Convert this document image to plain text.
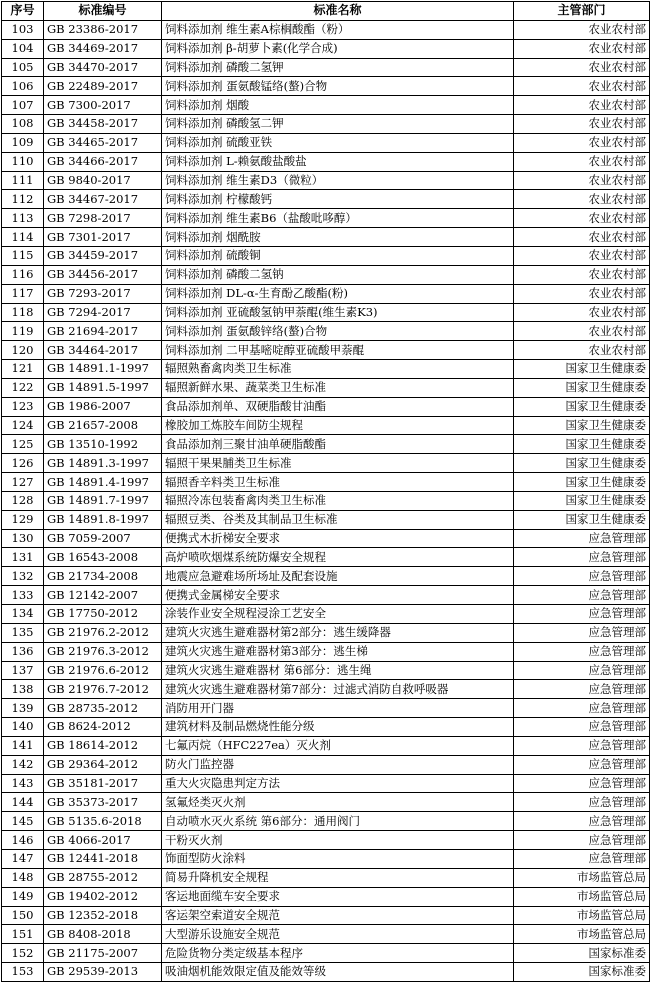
序号	标准编号	标准名称	主管部门
103	GB 23386-2017	饲料添加剂 维生素A棕榈酸酯（粉）	农业农村部
104	GB 34469-2017	饲料添加剂 β-胡萝卜素(化学合成)	农业农村部
105	GB 34470-2017	饲料添加剂 磷酸二氢钾	农业农村部
106	GB 22489-2017	饲料添加剂 蛋氨酸锰络(螯)合物	农业农村部
107	GB 7300-2017	饲料添加剂 烟酸	农业农村部
108	GB 34458-2017	饲料添加剂 磷酸氢二钾	农业农村部
109	GB 34465-2017	饲料添加剂 硫酸亚铁	农业农村部
110	GB 34466-2017	饲料添加剂 L-赖氨酸盐酸盐	农业农村部
111	GB 9840-2017	饲料添加剂 维生素D3（微粒）	农业农村部
112	GB 34467-2017	饲料添加剂 柠檬酸钙	农业农村部
113	GB 7298-2017	饲料添加剂 维生素B6（盐酸吡哆醇）	农业农村部
114	GB 7301-2017	饲料添加剂 烟酰胺	农业农村部
115	GB 34459-2017	饲料添加剂 硫酸铜	农业农村部
116	GB 34456-2017	饲料添加剂 磷酸二氢钠	农业农村部
117	GB 7293-2017	饲料添加剂 DL-α-生育酚乙酸酯(粉)	农业农村部
118	GB 7294-2017	饲料添加剂 亚硫酸氢钠甲萘醌(维生素K3)	农业农村部
119	GB 21694-2017	饲料添加剂 蛋氨酸锌络(螯)合物	农业农村部
120	GB 34464-2017	饲料添加剂 二甲基嘧啶醇亚硫酸甲萘醌	农业农村部
121	GB 14891.1-1997	辐照熟畜禽肉类卫生标准	国家卫生健康委
122	GB 14891.5-1997	辐照新鲜水果、蔬菜类卫生标准	国家卫生健康委
123	GB 1986-2007	食品添加剂单、双硬脂酸甘油酯	国家卫生健康委
124	GB 21657-2008	橡胶加工炼胶车间防尘规程	国家卫生健康委
125	GB 13510-1992	食品添加剂三聚甘油单硬脂酸酯	国家卫生健康委
126	GB 14891.3-1997	辐照干果果脯类卫生标准	国家卫生健康委
127	GB 14891.4-1997	辐照香辛料类卫生标准	国家卫生健康委
128	GB 14891.7-1997	辐照冷冻包装畜禽肉类卫生标准	国家卫生健康委
129	GB 14891.8-1997	辐照豆类、谷类及其制品卫生标准	国家卫生健康委
130	GB 7059-2007	便携式木折梯安全要求	应急管理部
131	GB 16543-2008	高炉喷吹烟煤系统防爆安全规程	应急管理部
132	GB 21734-2008	地震应急避难场所场址及配套设施	应急管理部
133	GB 12142-2007	便携式金属梯安全要求	应急管理部
134	GB 17750-2012	涂装作业安全规程浸涂工艺安全	应急管理部
135	GB 21976.2-2012	建筑火灾逃生避难器材第2部分：逃生缓降器	应急管理部
136	GB 21976.3-2012	建筑火灾逃生避难器材第3部分：逃生梯	应急管理部
137	GB 21976.6-2012	建筑火灾逃生避难器材 第6部分：逃生绳	应急管理部
138	GB 21976.7-2012	建筑火灾逃生避难器材第7部分：过滤式消防自救呼吸器	应急管理部
139	GB 28735-2012	消防用开门器	应急管理部
140	GB 8624-2012	建筑材料及制品燃烧性能分级	应急管理部
141	GB 18614-2012	七氟丙烷（HFC227ea）灭火剂	应急管理部
142	GB 29364-2012	防火门监控器	应急管理部
143	GB 35181-2017	重大火灾隐患判定方法	应急管理部
144	GB 35373-2017	氢氟烃类灭火剂	应急管理部
145	GB 5135.6-2018	自动喷水灭火系统 第6部分：通用阀门	应急管理部
146	GB 4066-2017	干粉灭火剂	应急管理部
147	GB 12441-2018	饰面型防火涂料	应急管理部
148	GB 28755-2012	简易升降机安全规程	市场监管总局
149	GB 19402-2012	客运地面缆车安全要求	市场监管总局
150	GB 12352-2018	客运架空索道安全规范	市场监管总局
151	GB 8408-2018	大型游乐设施安全规范	市场监管总局
152	GB 21175-2007	危险货物分类定级基本程序	国家标准委
153	GB 29539-2013	吸油烟机能效限定值及能效等级	国家标准委
